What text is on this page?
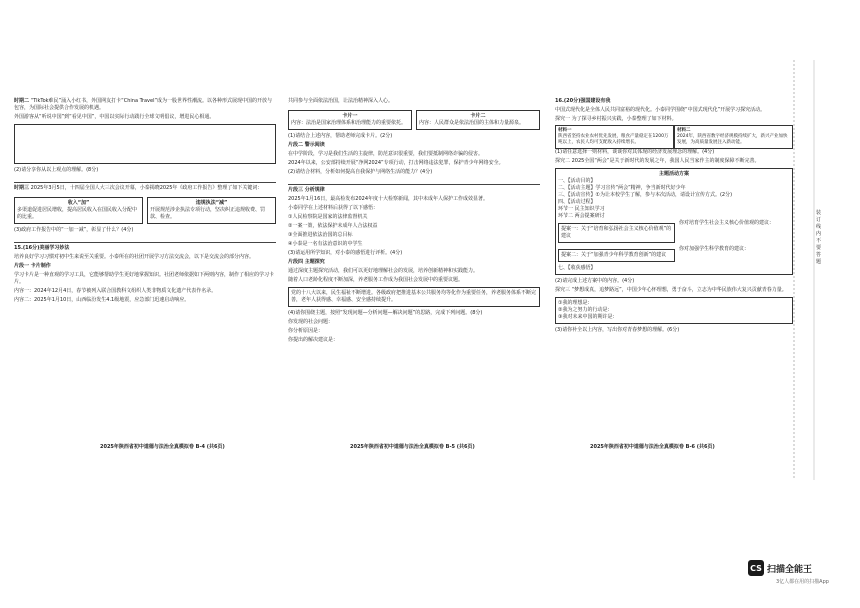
时期二 “TikTok难民”涌入小红书，外国网友打卡“China Travel”成为一股世界性潮流。以各种形式展现中国的开放与包容，为国际社会提供合作发展的机遇。

外国游客从“听说中国”到“看见中国”，中国以实际行动践行全球文明倡议，增进民心相通。

(2)请分享你从以上观点的理解。(8分)

时期三 2025年3月5日，十四届全国人大三次会议开幕，小泰揭晓2025年《政府工作报告》整理了如下关键词：

收入“加”
多渠道促进居民增收，提高居民收入在国民收入分配中的比重。
违规执法“减”
开展规范涉企执法专项行动，坚决纠正违规收费、罚款、检查。

(3)政府工作报告中的“一加一减”，彰显了什么？(4分)

15.(16分)美丽学习妙法

培养良好学习习惯对初中生来说至关重要。小泰所在的社团开展学习方法交流会，以下是交流会的部分内容。

片段一 卡片制作

学习卡片是一种直观的学习工具，它能够帮助学生更好地掌握知识。社团老师依据如下两则内容，制作了相应的学习卡片。

内容一：2024年12月4日，春节被列入联合国教科文组织人类非物质文化遗产代表作名录。

内容二：2025年1月10日，山西临汾发生4.1级地震，应急部门迅速启动响应。

2025年陕西省初中道德与法治全真模拟卷 B-4 (共6页)

共同参与全面依法治国，让法治精神深入人心。

卡片一
内容：法治是国家治理体系和治理能力的重要依托。
卡片二
内容：人民群众是依法治国的主体和力量源泉。

(1)请结合上述内容，帮助老师完成卡片。(2分)

片段二 警示阅读

在中学阶段，学习是我们生活的主旋律，防范意识很重要，我们要抵制网络诈骗的侵害。

2024年以来，公安部持续开展“净网2024”专项行动，打击网络违法犯罪，保护青少年网络安全。

(2)请结合材料，分析如何提高自我保护与网络生活的能力？(4分)

片段三 分析规律

2025年1月16日，最高检发布2024年度十大检察新闻，其中未成年人保护工作成效显著。

小泰同学在上述材料后获得了以下感悟：

①人民检察院是国家的法律监督机关

②一案一策，依法保护未成年人合法权益

③全面推进依法治国的总目标

④小泰是一名有法治意识的中学生

(3)请运用所学知识，对小泰的感悟进行评析。(4分)

片段四 主题探究

通过深度主题探究活动，我们可以更好地理解社会的发展，培养创新精神和实践能力。

随着人口老龄化程度不断加深，养老服务工作成为我国社会发展中的重要议题。

党的十八大以来，民生福祉不断增进。各级政府把推进基本公共服务均等化作为重要任务，养老服务体系不断完善，老年人获得感、幸福感、安全感持续提升。

(4)请你围绕主题，按照“发现问题—分析问题—解决问题”的思路，完成下列问题。(8分)

你发现的社会问题：

你分析原因是：

你提出的解决建议是：

2025年陕西省初中道德与法治全真模拟卷 B-5 (共6页)

16.(20分)强国建设有我

中国式现代化是全体人民共同富裕的现代化。小泰同学围绕“中国式现代化”开展学习探究活动。

探究一 为了探寻乡村振兴实践，小泰整理了如下材料。

材料一
陕西省坚持农业农村优先发展，粮食产量稳定在1200万吨以上，农民人均可支配收入持续增长。
材料二
2024年，陕西省数字经济规模持续扩大，新兴产业加快发展，为高质量发展注入新动能。

(1)请任意选择一则材料，谈谈你对其体现的经济发展理念的理解。(4分)

探究二 2025全国“两会”是关于新时代的发展之年，我国人民当家作主的制度保障不断完善。

主题活动方案
一、【活动目的】
二、【活动主题】学习宣传“两会”精神，争当新时代好少年
三、【活动宣传】①为让本校学生了解，参与本次活动，请设计宣传方式。(2分)
四、【活动过程】
环节一 民主知识学习
环节二 两会提案研讨
提案一：关于“培育和弘扬社会主义核心价值观”的建议
你对培育学生社会主义核心价值观的建议：
提案二：关于“加强青少年科学教育创新”的建议
你对加强学生科学教育的建议：
七、【收获感悟】

(2)请完成上述方案中的内容。(4分)

探究三 “梦想成真，追梦路远”，中国少年心怀理想，勇于奋斗，立志为中华民族伟大复兴贡献青春力量。

①我的理想是：
②我为之努力的行动是：
③我对未来中国的期许是：

(3)请你补全以上内容，写出你对青春梦想的理解。(6分)

2025年陕西省初中道德与法治全真模拟卷 B-6 (共6页)
装订线内不要答题
CS 扫描全能王
3亿人都在用的扫描App
